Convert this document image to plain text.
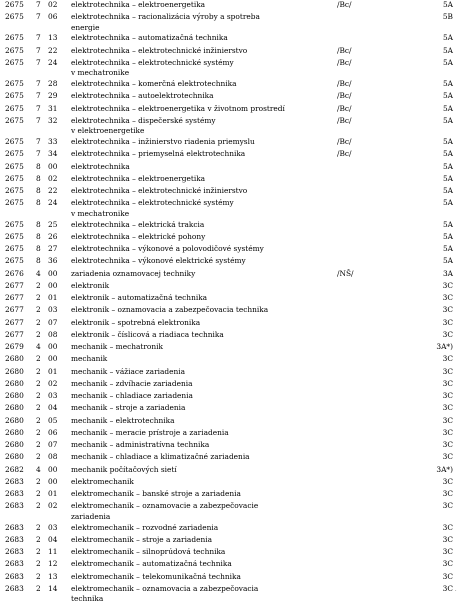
2675 7 02 elektrotechnika – elektroenergetika	/Bc/	5A
2675 7 06 elektrotechnika – racionalizácia výroby a spotreba	5B
energie
2675 7 13 elektrotechnika – automatizačná technika	5A
2675 7 22 elektrotechnika – elektrotechnické inžinierstvo	/Bc/	5A
2675 7 24 elektrotechnika – elektrotechnické systémy	/Bc/	5A
v mechatronike
2675 7 28 elektrotechnika – komerčná elektrotechnika	/Bc/	5A
2675 7 29 elektrotechnika – autoelektrotechnika	/Bc/	5A
2675 7 31 elektrotechnika – elektroenergetika v životnom prostredí	/Bc/	5A
2675 7 32 elektrotechnika – dispečerské systémy	/Bc/	5A
v elektroenergetike
2675 7 33 elektrotechnika – inžinierstvo riadenia priemyslu	/Bc/	5A
2675 7 34 elektrotechnika – priemyselná elektrotechnika	/Bc/	5A
2675 8 00 elektrotechnika	5A
2675 8 02 elektrotechnika – elektroenergetika	5A
2675 8 22 elektrotechnika – elektrotechnické inžinierstvo	5A
2675 8 24 elektrotechnika – elektrotechnické systémy	5A
v mechatronike
2675 8 25 elektrotechnika – elektrická trakcia	5A
2675 8 26 elektrotechnika – elektrické pohony	5A
2675 8 27 elektrotechnika – výkonové a polovodičové systémy	5A
2675 8 36 elektrotechnika – výkonové elektrické systémy	5A
2676 4 00 zariadenia oznamovacej techniky	/NŠ/	3A
2677 2 00 elektronik	3C
2677 2 01 elektronik – automatizačná technika	3C
2677 2 03 elektronik – oznamovacia a zabezpečovacia technika	3C
2677 2 07 elektronik – spotrebná elektronika	3C
2677 2 08 elektronik – číslicová a riadiaca technika	3C
2679 4 00 mechanik – mechatronik	3A*)
2680 2 00 mechanik	3C
2680 2 01 mechanik – vážiace zariadenia	3C
2680 2 02 mechanik – zdvíhacie zariadenia	3C
2680 2 03 mechanik – chladiace zariadenia	3C
2680 2 04 mechanik – stroje a zariadenia	3C
2680 2 05 mechanik – elektrotechnika	3C
2680 2 06 mechanik – meracie prístroje a zariadenia	3C
2680 2 07 mechanik – administratívna technika	3C
2680 2 08 mechanik – chladiace a klimatizačné zariadenia	3C
2682 4 00 mechanik počítačových sietí	3A*)
2683 2 00 elektromechanik	3C
2683 2 01 elektromechanik – banské stroje a zariadenia	3C
2683 2 02 elektromechanik – oznamovacie a zabezpečovacie	3C
zariadenia
2683 2 03 elektromechanik – rozvodné zariadenia	3C
2683 2 04 elektromechanik – stroje a zariadenia	3C
2683 2 11 elektromechanik – silnoprúdová technika	3C
2683 2 12 elektromechanik – automatizačná technika	3C
2683 2 13 elektromechanik – telekomunikačná technika	3C
2683 2 14 elektromechanik – oznamovacia a zabezpečovacia	3C
technika
·
